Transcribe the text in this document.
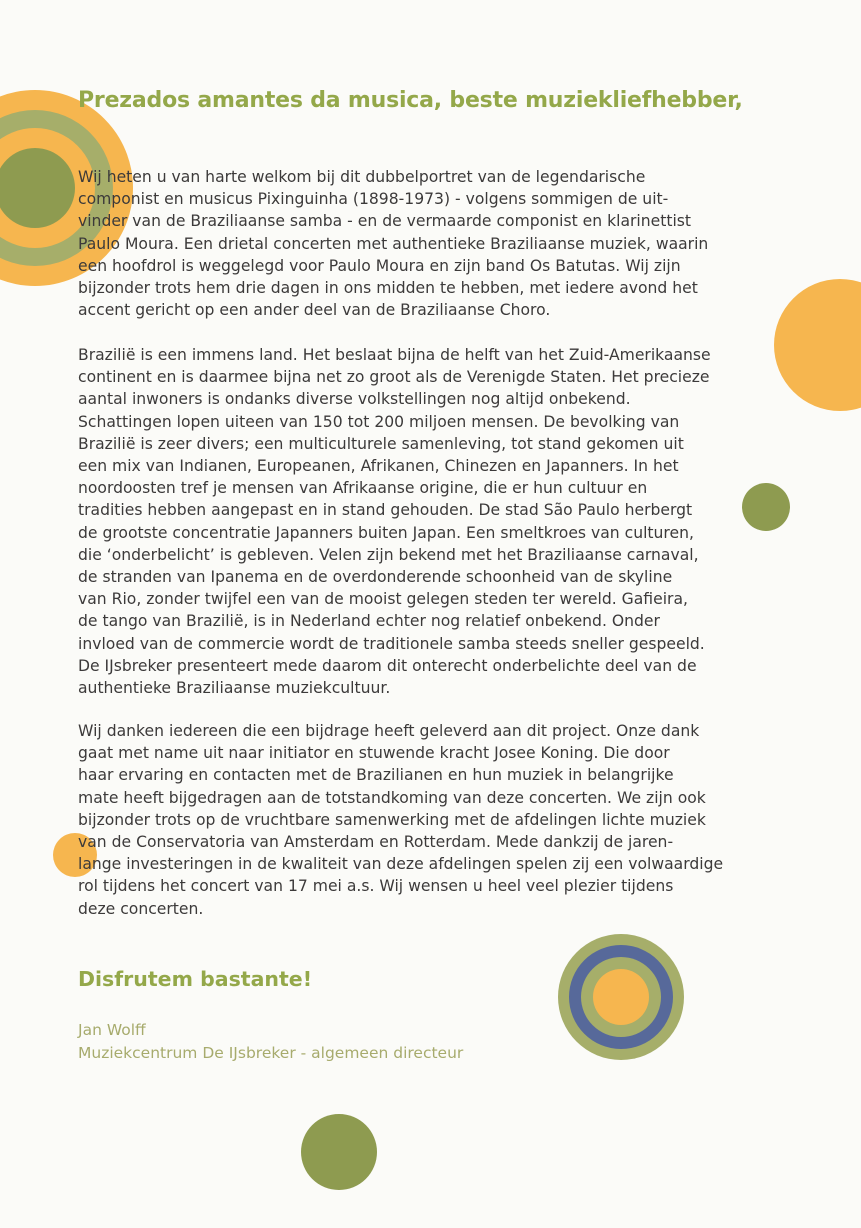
Prezados amantes da musica, beste muziekliefhebber,

Wij heten u van harte welkom bij dit dubbelportret van de legendarische
componist en musicus Pixinguinha (1898-1973) - volgens sommigen de uit-
vinder van de Braziliaanse samba - en de vermaarde componist en klarinettist
Paulo Moura. Een drietal concerten met authentieke Braziliaanse muziek, waarin
een hoofdrol is weggelegd voor Paulo Moura en zijn band Os Batutas. Wij zijn
bijzonder trots hem drie dagen in ons midden te hebben, met iedere avond het
accent gericht op een ander deel van de Braziliaanse Choro.

Brazilië is een immens land. Het beslaat bijna de helft van het Zuid-Amerikaanse
continent en is daarmee bijna net zo groot als de Verenigde Staten. Het precieze
aantal inwoners is ondanks diverse volkstellingen nog altijd onbekend.
Schattingen lopen uiteen van 150 tot 200 miljoen mensen. De bevolking van
Brazilië is zeer divers; een multiculturele samenleving, tot stand gekomen uit
een mix van Indianen, Europeanen, Afrikanen, Chinezen en Japanners. In het
noordoosten tref je mensen van Afrikaanse origine, die er hun cultuur en
tradities hebben aangepast en in stand gehouden. De stad São Paulo herbergt
de grootste concentratie Japanners buiten Japan. Een smeltkroes van culturen,
die ‘onderbelicht’ is gebleven. Velen zijn bekend met het Braziliaanse carnaval,
de stranden van Ipanema en de overdonderende schoonheid van de skyline
van Rio, zonder twijfel een van de mooist gelegen steden ter wereld. Gafieira,
de tango van Brazilië, is in Nederland echter nog relatief onbekend. Onder
invloed van de commercie wordt de traditionele samba steeds sneller gespeeld.
De IJsbreker presenteert mede daarom dit onterecht onderbelichte deel van de
authentieke Braziliaanse muziekcultuur.

Wij danken iedereen die een bijdrage heeft geleverd aan dit project. Onze dank
gaat met name uit naar initiator en stuwende kracht Josee Koning. Die door
haar ervaring en contacten met de Brazilianen en hun muziek in belangrijke
mate heeft bijgedragen aan de totstandkoming van deze concerten. We zijn ook
bijzonder trots op de vruchtbare samenwerking met de afdelingen lichte muziek
van de Conservatoria van Amsterdam en Rotterdam. Mede dankzij de jaren-
lange investeringen in de kwaliteit van deze afdelingen spelen zij een volwaardige
rol tijdens het concert van 17 mei a.s. Wij wensen u heel veel plezier tijdens
deze concerten.

Disfrutem bastante!

Jan Wolff

Muziekcentrum De IJsbreker - algemeen directeur
